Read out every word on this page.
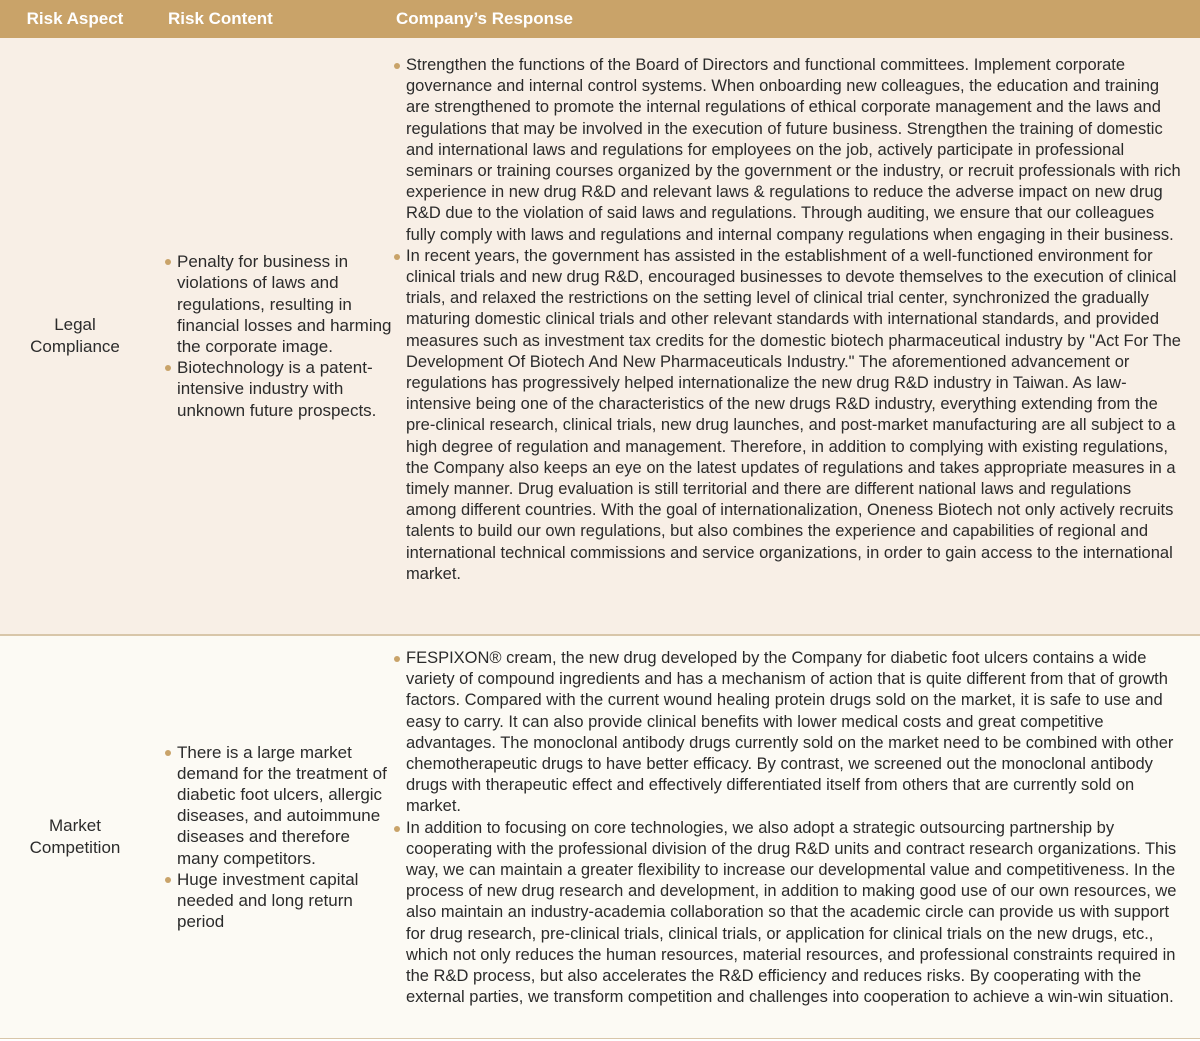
Risk Aspect	Risk Content	Company’s Response
Legal Compliance
Penalty for business in violations of laws and regulations, resulting in financial losses and harming the corporate image.
Biotechnology is a patent-intensive industry with unknown future prospects.
Strengthen the functions of the Board of Directors and functional committees. Implement corporate governance and internal control systems. When onboarding new colleagues, the education and training are strengthened to promote the internal regulations of ethical corporate management and the laws and regulations that may be involved in the execution of future business. Strengthen the training of domestic and international laws and regulations for employees on the job, actively participate in professional seminars or training courses organized by the government or the industry, or recruit professionals with rich experience in new drug R&D and relevant laws & regulations to reduce the adverse impact on new drug R&D due to the violation of said laws and regulations. Through auditing, we ensure that our colleagues fully comply with laws and regulations and internal company regulations when engaging in their business.
In recent years, the government has assisted in the establishment of a well-functioned environment for clinical trials and new drug R&D, encouraged businesses to devote themselves to the execution of clinical trials, and relaxed the restrictions on the setting level of clinical trial center, synchronized the gradually maturing domestic clinical trials and other relevant standards with international standards, and provided measures such as investment tax credits for the domestic biotech pharmaceutical industry by "Act For The Development Of Biotech And New Pharmaceuticals Industry." The aforementioned advancement or regulations has progressively helped internationalize the new drug R&D industry in Taiwan. As law-intensive being one of the characteristics of the new drugs R&D industry, everything extending from the pre-clinical research, clinical trials, new drug launches, and post-market manufacturing are all subject to a high degree of regulation and management. Therefore, in addition to complying with existing regulations, the Company also keeps an eye on the latest updates of regulations and takes appropriate measures in a timely manner. Drug evaluation is still territorial and there are different national laws and regulations among different countries. With the goal of internationalization, Oneness Biotech not only actively recruits talents to build our own regulations, but also combines the experience and capabilities of regional and international technical commissions and service organizations, in order to gain access to the international market.
Market Competition
There is a large market demand for the treatment of diabetic foot ulcers, allergic diseases, and autoimmune diseases and therefore many competitors.
Huge investment capital needed and long return period
FESPIXON® cream, the new drug developed by the Company for diabetic foot ulcers contains a wide variety of compound ingredients and has a mechanism of action that is quite different from that of growth factors. Compared with the current wound healing protein drugs sold on the market, it is safe to use and easy to carry. It can also provide clinical benefits with lower medical costs and great competitive advantages. The monoclonal antibody drugs currently sold on the market need to be combined with other chemotherapeutic drugs to have better efficacy. By contrast, we screened out the monoclonal antibody drugs with therapeutic effect and effectively differentiated itself from others that are currently sold on market.
In addition to focusing on core technologies, we also adopt a strategic outsourcing partnership by cooperating with the professional division of the drug R&D units and contract research organizations. This way, we can maintain a greater flexibility to increase our developmental value and competitiveness. In the process of new drug research and development, in addition to making good use of our own resources, we also maintain an industry-academia collaboration so that the academic circle can provide us with support for drug research, pre-clinical trials, clinical trials, or application for clinical trials on the new drugs, etc., which not only reduces the human resources, material resources, and professional constraints required in the R&D process, but also accelerates the R&D efficiency and reduces risks. By cooperating with the external parties, we transform competition and challenges into cooperation to achieve a win-win situation.
